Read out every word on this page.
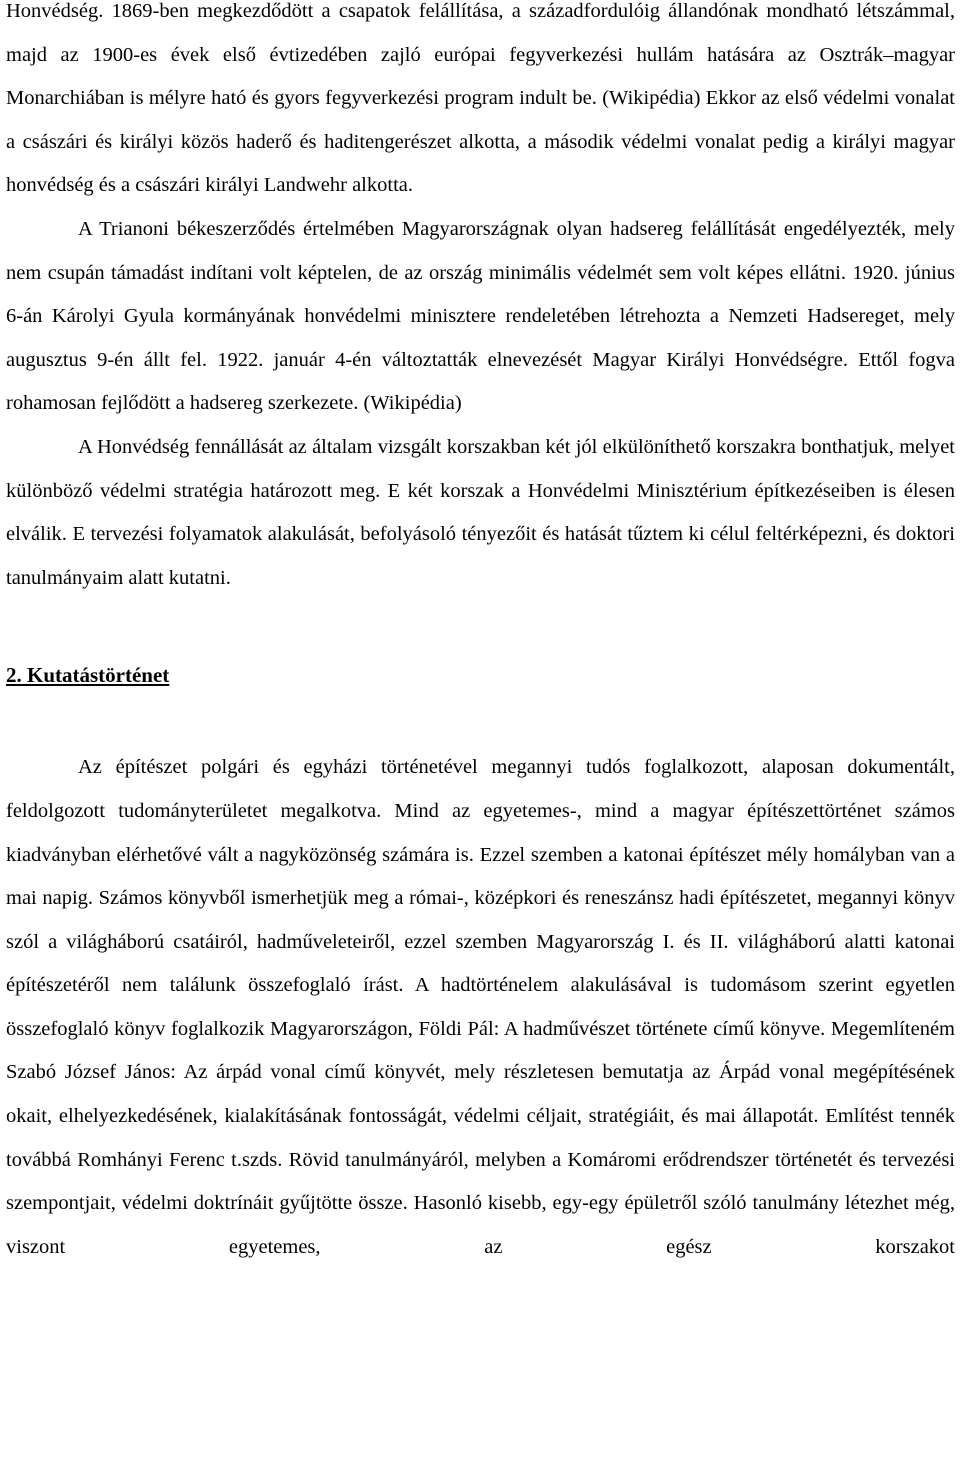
Honvédség. 1869-ben megkezdődött a csapatok felállítása, a századfordulóig állandónak mondható létszámmal, majd az 1900-es évek első évtizedében zajló európai fegyverkezési hullám hatására az Osztrák–magyar Monarchiában is mélyre ható és gyors fegyverkezési program indult be. (Wikipédia) Ekkor az első védelmi vonalat a császári és királyi közös haderő és haditengerészet alkotta, a második védelmi vonalat pedig a királyi magyar honvédség és a császári királyi Landwehr alkotta.

A Trianoni békeszerződés értelmében Magyarországnak olyan hadsereg felállítását engedélyezték, mely nem csupán támadást indítani volt képtelen, de az ország minimális védelmét sem volt képes ellátni. 1920. június 6-án Károlyi Gyula kormányának honvédelmi minisztere rendeletében létrehozta a Nemzeti Hadsereget, mely augusztus 9-én állt fel. 1922. január 4-én változtatták elnevezését Magyar Királyi Honvédségre. Ettől fogva rohamosan fejlődött a hadsereg szerkezete. (Wikipédia)

A Honvédség fennállását az általam vizsgált korszakban két jól elkülöníthető korszakra bonthatjuk, melyet különböző védelmi stratégia határozott meg. E két korszak a Honvédelmi Minisztérium építkezéseiben is élesen elválik. E tervezési folyamatok alakulását, befolyásoló tényezőit és hatását tűztem ki célul feltérképezni, és doktori tanulmányaim alatt kutatni.

2. Kutatástörténet

Az építészet polgári és egyházi történetével megannyi tudós foglalkozott, alaposan dokumentált, feldolgozott tudományterületet megalkotva. Mind az egyetemes-, mind a magyar építészettörténet számos kiadványban elérhetővé vált a nagyközönség számára is. Ezzel szemben a katonai építészet mély homályban van a mai napig. Számos könyvből ismerhetjük meg a római-, középkori és reneszánsz hadi építészetet, megannyi könyv szól a világháború csatáiról, hadműveleteiről, ezzel szemben Magyarország I. és II. világháború alatti katonai építészetéről nem találunk összefoglaló írást. A hadtörténelem alakulásával is tudomásom szerint egyetlen összefoglaló könyv foglalkozik Magyarországon, Földi Pál: A hadművészet története című könyve. Megemlíteném Szabó József János: Az árpád vonal című könyvét, mely részletesen bemutatja az Árpád vonal megépítésének okait, elhelyezkedésének, kialakításának fontosságát, védelmi céljait, stratégiáit, és mai állapotát. Említést tennék továbbá Romhányi Ferenc t.szds. Rövid tanulmányáról, melyben a Komáromi erődrendszer történetét és tervezési szempontjait, védelmi doktrínáit gyűjtötte össze. Hasonló kisebb, egy-egy épületről szóló tanulmány létezhet még, viszont egyetemes, az egész korszakot
